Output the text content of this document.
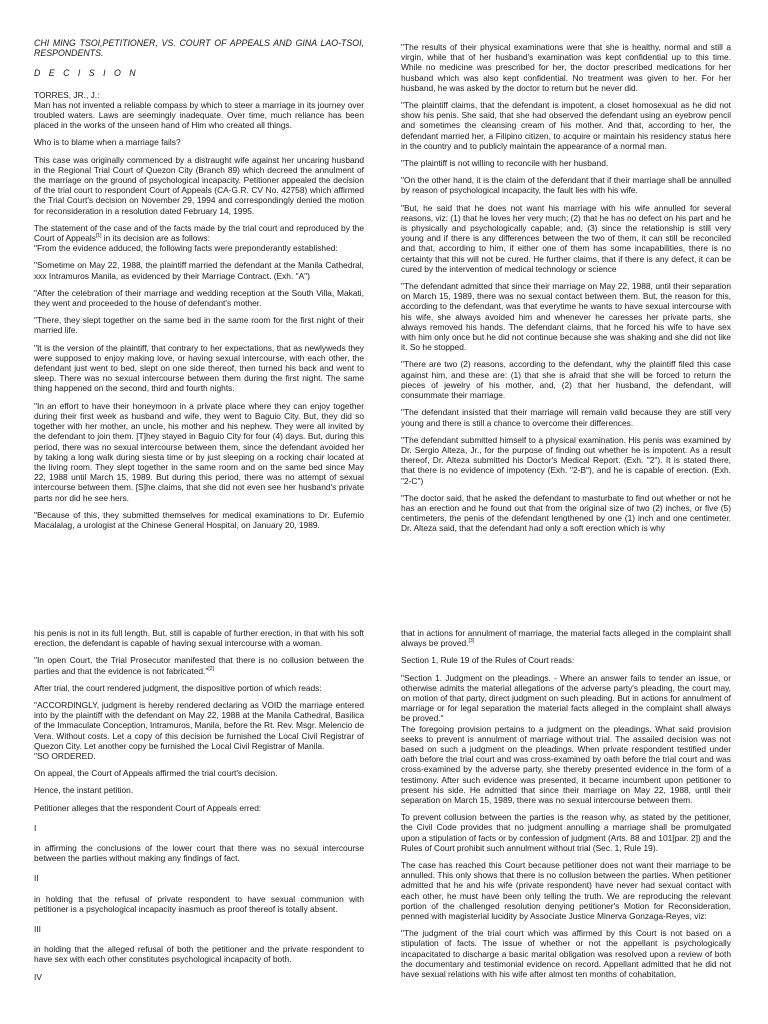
CHI MING TSOI,PETITIONER, VS. COURT OF APPEALS AND GINA LAO-TSOI, RESPONDENTS.

D E C I S I O N

TORRES, JR., J.:

Man has not invented a reliable compass by which to steer a marriage in its journey over troubled waters. Laws are seemingly inadequate. Over time, much reliance has been placed in the works of the unseen hand of Him who created all things.

Who is to blame when a marriage fails?

This case was originally commenced by a distraught wife against her uncaring husband in the Regional Trial Court of Quezon City (Branch 89) which decreed the annulment of the marriage on the ground of psychological incapacity. Petitioner appealed the decision of the trial court to respondent Court of Appeals (CA-G.R. CV No. 42758) which affirmed the Trial Court's decision on November 29, 1994 and correspondingly denied the motion for reconsideration in a resolution dated February 14, 1995.

The statement of the case and of the facts made by the trial court and reproduced by the Court of Appeals[1] in its decision are as follows:

"From the evidence adduced, the following facts were preponderantly established:

"Sometime on May 22, 1988, the plaintiff married the defendant at the Manila Cathedral, xxx Intramuros Manila, as evidenced by their Marriage Contract. (Exh. "A")

"After the celebration of their marriage and wedding reception at the South Villa, Makati, they went and proceeded to the house of defendant's mother.

"There, they slept together on the same bed in the same room for the first night of their married life.

"It is the version of the plaintiff, that contrary to her expectations, that as newlyweds they were supposed to enjoy making love, or having sexual intercourse, with each other, the defendant just went to bed, slept on one side thereof, then turned his back and went to sleep. There was no sexual intercourse between them during the first night. The same thing happened on the second, third and fourth nights.

"In an effort to have their honeymoon in a private place where they can enjoy together during their first week as husband and wife, they went to Baguio City. But, they did so together with her mother, an uncle, his mother and his nephew. They were all invited by the defendant to join them. [T]hey stayed in Baguio City for four (4) days. But, during this period, there was no sexual intercourse between them, since the defendant avoided her by taking a long walk during siesta time or by just sleeping on a rocking chair located at the living room. They slept together in the same room and on the same bed since May 22, 1988 until March 15, 1989. But during this period, there was no attempt of sexual intercourse between them. [S]he claims, that she did not even see her husband's private parts nor did he see hers.

"Because of this, they submitted themselves for medical examinations to Dr. Eufemio Macalalag, a urologist at the Chinese General Hospital, on January 20, 1989.

"The results of their physical examinations were that she is healthy, normal and still a virgin, while that of her husband's examination was kept confidential up to this time. While no medicine was prescribed for her, the doctor prescribed medications for her husband which was also kept confidential. No treatment was given to her. For her husband, he was asked by the doctor to return but he never did.

"The plaintiff claims, that the defendant is impotent, a closet homosexual as he did not show his penis. She said, that she had observed the defendant using an eyebrow pencil and sometimes the cleansing cream of his mother. And that, according to her, the defendant married her, a Filipino citizen, to acquire or maintain his residency status here in the country and to publicly maintain the appearance of a normal man.

"The plaintiff is not willing to reconcile with her husband.

"On the other hand, it is the claim of the defendant that if their marriage shall be annulled by reason of psychological incapacity, the fault lies with his wife.

"But, he said that he does not want his marriage with his wife annulled for several reasons, viz: (1) that he loves her very much; (2) that he has no defect on his part and he is physically and psychologically capable; and, (3) since the relationship is still very young and if there is any differences between the two of them, it can still be reconciled and that, according to him, if either one of them has some incapabilities, there is no certainty that this will not be cured. He further claims, that if there is any defect, it can be cured by the intervention of medical technology or science

"The defendant admitted that since their marriage on May 22, 1988, until their separation on March 15, 1989, there was no sexual contact between them. But, the reason for this, according to the defendant, was that everytime he wants to have sexual intercourse with his wife, she always avoided him and whenever he caresses her private parts, she always removed his hands. The defendant claims, that he forced his wife to have sex with him only once but he did not continue because she was shaking and she did not like it. So he stopped.

"There are two (2) reasons, according to the defendant, why the plaintiff filed this case against him, and these are: (1) that she is afraid that she will be forced to return the pieces of jewelry of his mother, and, (2) that her husband, the defendant, will consummate their marriage.

"The defendant insisted that their marriage will remain valid because they are still very young and there is still a chance to overcome their differences.

"The defendant submitted himself to a physical examination. His penis was examined by Dr. Sergio Alteza, Jr., for the purpose of finding out whether he is impotent. As a result thereof, Dr. Alteza submitted his Doctor's Medical Report. (Exh. "2"). It is stated there, that there is no evidence of impotency (Exh. "2-B"), and he is capable of erection. (Exh. "2-C")

"The doctor said, that he asked the defendant to masturbate to find out whether or not he has an erection and he found out that from the original size of two (2) inches, or five (5) centimeters, the penis of the defendant lengthened by one (1) inch and one centimeter. Dr. Alteza said, that the defendant had only a soft erection which is why

his penis is not in its full length. But, still is capable of further erection, in that with his soft erection, the defendant is capable of having sexual intercourse with a woman.

"In open Court, the Trial Prosecutor manifested that there is no collusion between the parties and that the evidence is not fabricated."[2]

After trial, the court rendered judgment, the dispositive portion of which reads:

"ACCORDINGLY, judgment is hereby rendered declaring as VOID the marriage entered into by the plaintiff with the defendant on May 22, 1988 at the Manila Cathedral, Basilica of the Immaculate Conception, Intramuros, Manila, before the Rt. Rev. Msgr. Melencio de Vera. Without costs. Let a copy of this decision be furnished the Local Civil Registrar of Quezon City. Let another copy be furnished the Local Civil Registrar of Manila.

"SO ORDERED.

On appeal, the Court of Appeals affirmed the trial court's decision.

Hence, the instant petition.

Petitioner alleges that the respondent Court of Appeals erred:

I

in affirming the conclusions of the lower court that there was no sexual intercourse between the parties without making any findings of fact.

II

in holding that the refusal of private respondent to have sexual communion with petitioner is a psychological incapacity inasmuch as proof thereof is totally absent.

III

in holding that the alleged refusal of both the petitioner and the private respondent to have sex with each other constitutes psychological incapacity of both.

IV

that in actions for annulment of marriage, the material facts alleged in the complaint shall always be proved.[3]

Section 1, Rule 19 of the Rules of Court reads:

"Section 1. Judgment on the pleadings. - Where an answer fails to tender an issue, or otherwise admits the material allegations of the adverse party's pleading, the court may, on motion of that party, direct judgment on such pleading. But in actions for annulment of marriage or for legal separation the material facts alleged in the complaint shall always be proved."

The foregoing provision pertains to a judgment on the pleadings. What said provision seeks to prevent is annulment of marriage without trial. The assailed decision was not based on such a judgment on the pleadings. When private respondent testified under oath before the trial court and was cross-examined by oath before the trial court and was cross-examined by the adverse party, she thereby presented evidence in the form of a testimony. After such evidence was presented, it became incumbent upon petitioner to present his side. He admitted that since their marriage on May 22, 1988, until their separation on March 15, 1989, there was no sexual intercourse between them.

To prevent collusion between the parties is the reason why, as stated by the petitioner, the Civil Code provides that no judgment annulling a marriage shall be promulgated upon a stipulation of facts or by confession of judgment (Arts. 88 and 101[par. 2]) and the Rules of Court prohibit such annulment without trial (Sec. 1, Rule 19).

The case has reached this Court because petitioner does not want their marriage to be annulled. This only shows that there is no collusion between the parties. When petitioner admitted that he and his wife (private respondent) have never had sexual contact with each other, he must have been only telling the truth. We are reproducing the relevant portion of the challenged resolution denying petitioner's Motion for Reconsideration, penned with magisterial lucidity by Associate Justice Minerva Gonzaga-Reyes, viz:

"The judgment of the trial court which was affirmed by this Court is not based on a stipulation of facts. The issue of whether or not the appellant is psychologically incapacitated to discharge a basic marital obligation was resolved upon a review of both the documentary and testimonial evidence on record. Appellant admitted that he did not have sexual relations with his wife after almost ten months of cohabitation,
